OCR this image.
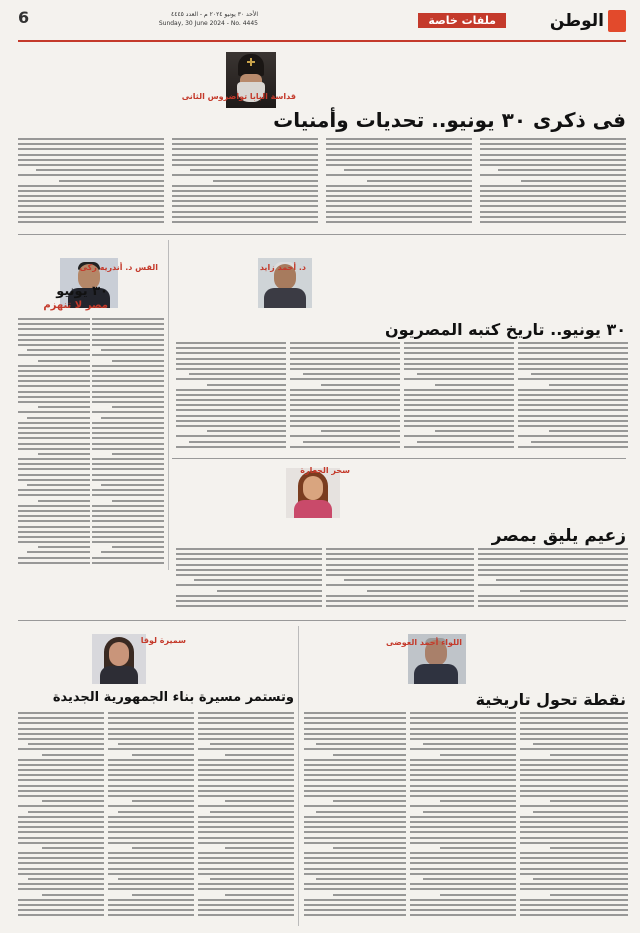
الوطن
ملفات خاصة
الأحد ٣٠ يونيو ٢٠٢٤ م - العدد ٤٤٤٥
Sunday, 30 June 2024 - No. 4445
6
قداسة البابا تواضروس الثانى
فى ذكرى ٣٠ يونيو.. تحديات وأمنيات
د. أحمد زايد
٣٠ يونيو.. تاريخ كتبه المصريون
القس د. أندريه زكى
٣٠ يونيو
مصر لا تنهزم
سحر الجعارة
زعيم يليق بمصر
اللواء أحمد العوضى
نقطة تحول تاريخية
سميرة لوقا
وتستمر مسيرة بناء الجمهورية الجديدة
